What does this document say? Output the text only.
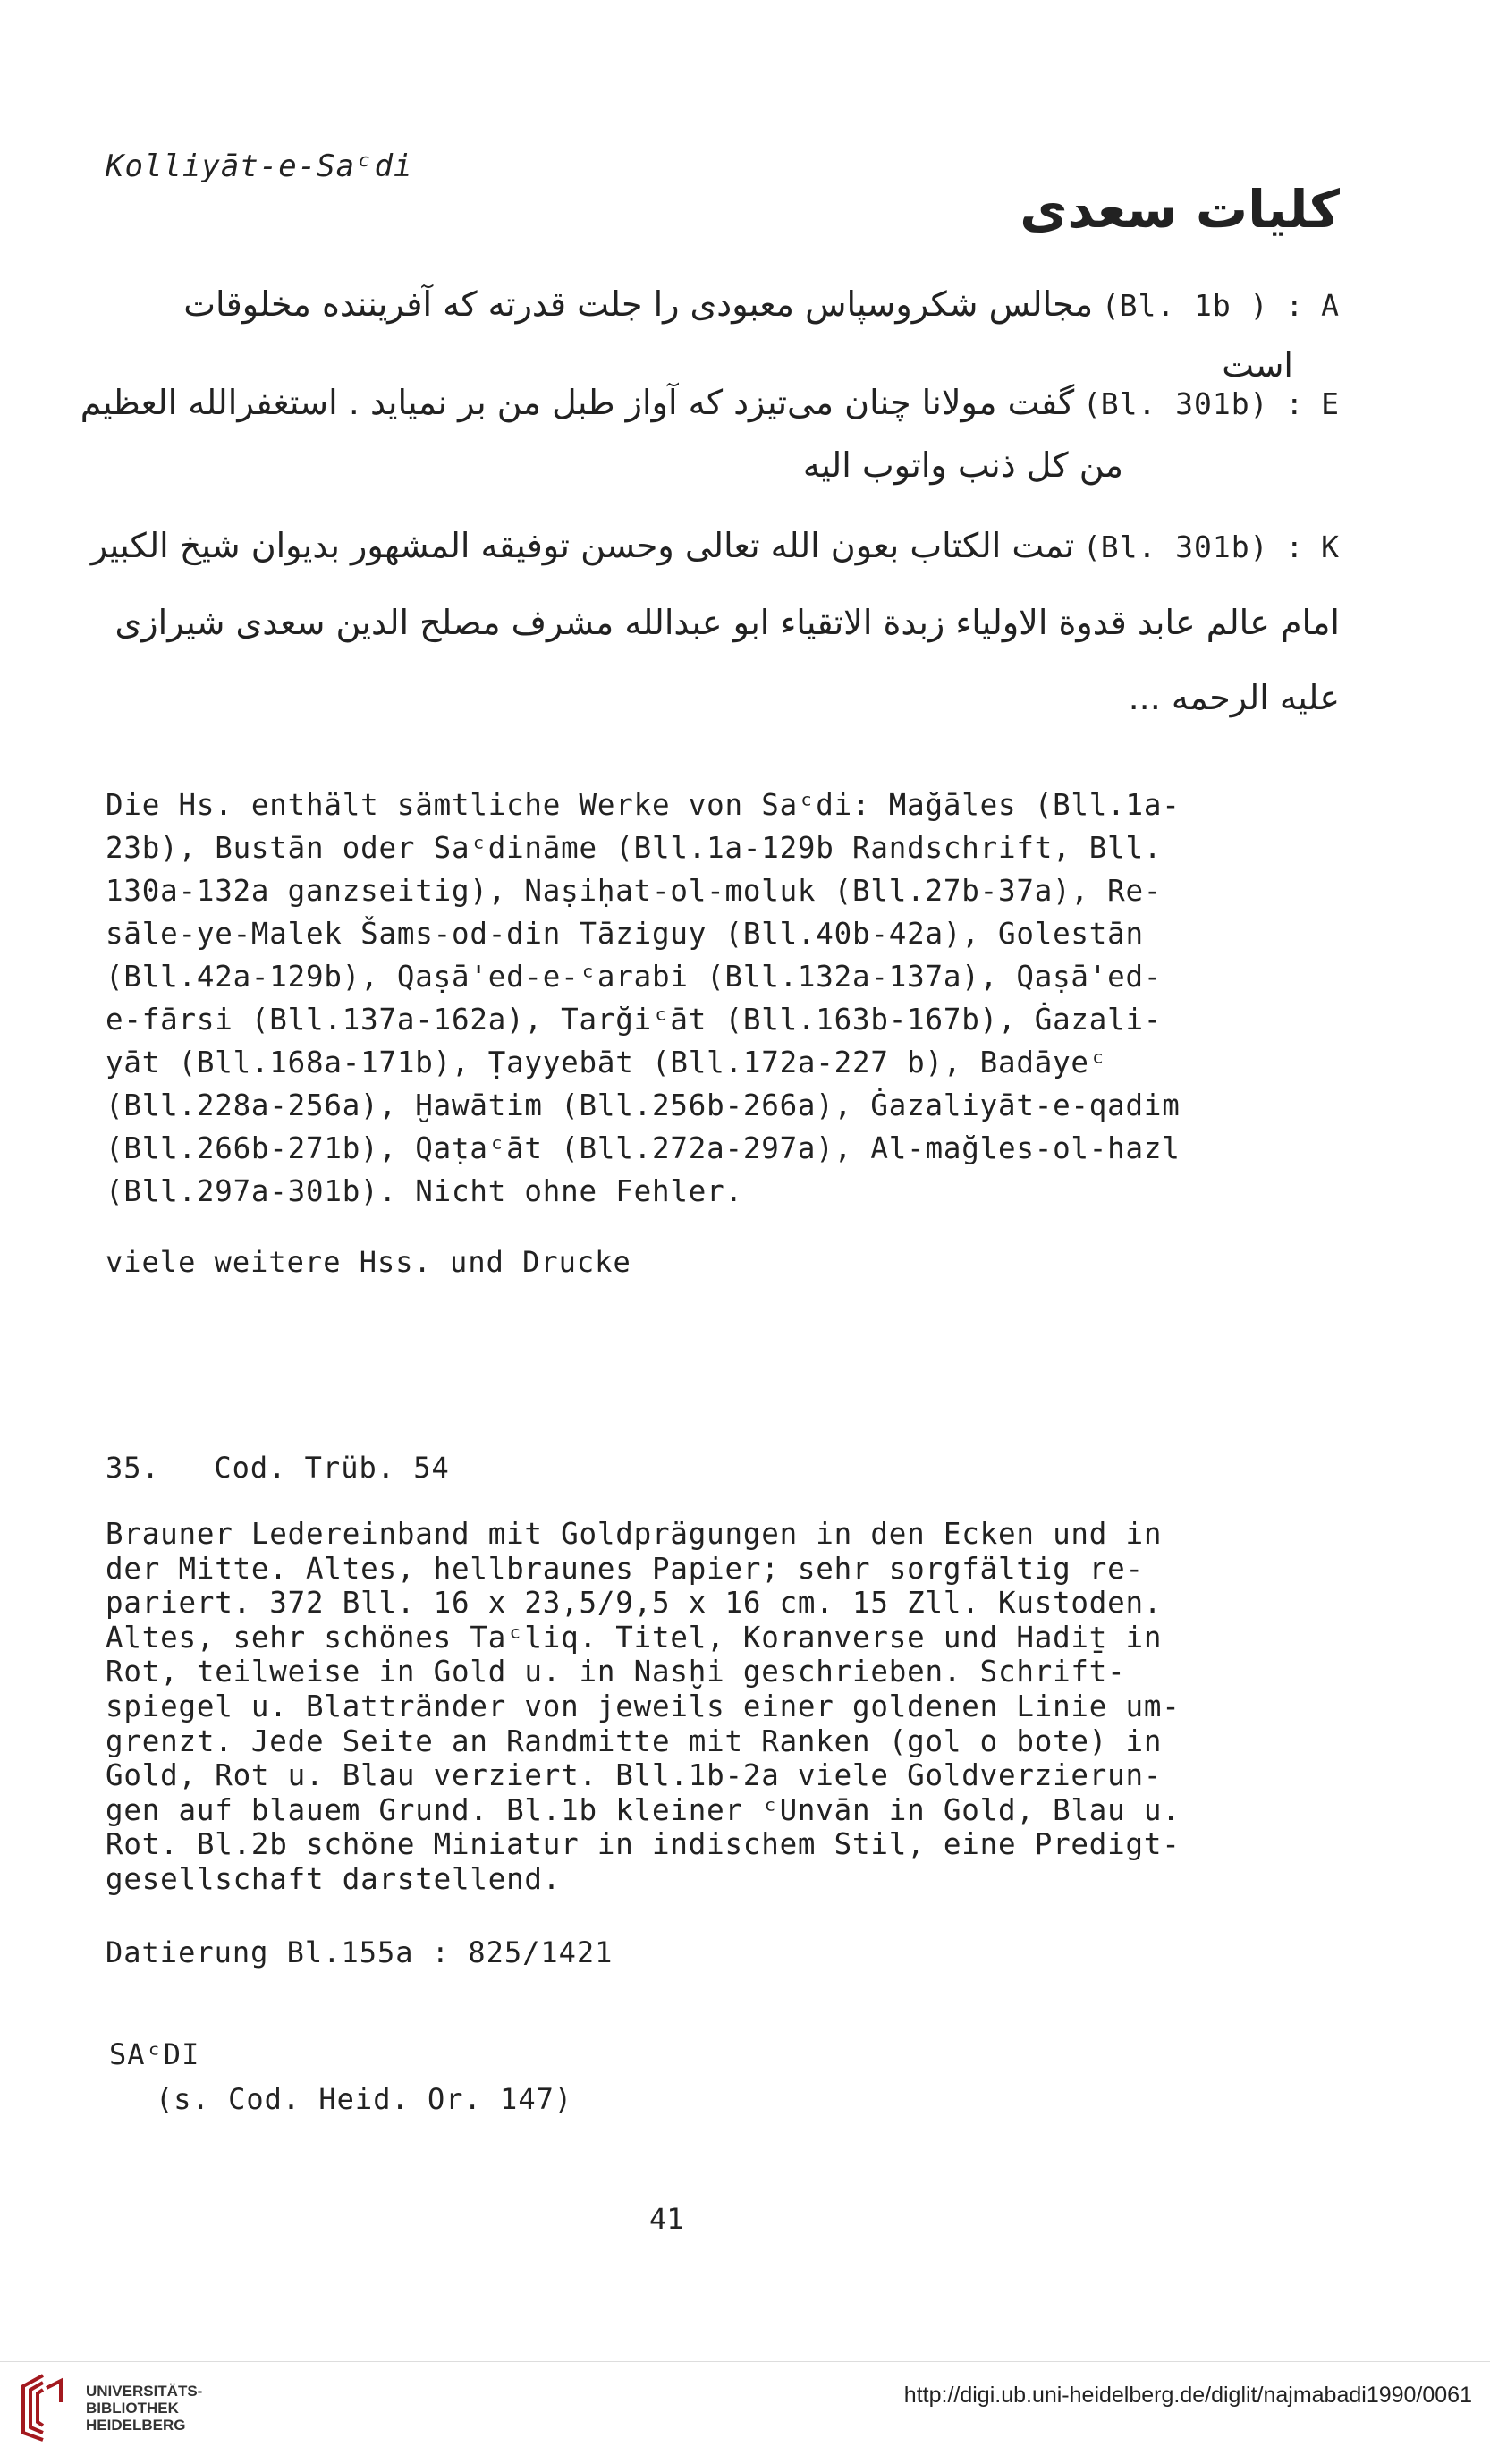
Kolliyāt-e-Saᶜdi
کلیات سعدی
مجالس شکروسپاس معبودی را جلت قدرته که آفریننده مخلوقات (Bl. 1b ) : A
است
گفت مولانا چنان می‌تیزد که آواز طبل من بر نمیاید . استغفرالله العظیم (Bl. 301b) : E
من کل ذنب واتوب الیه
تمت الکتاب بعون الله تعالی وحسن توفیقه المشهور بدیوان شیخ الکبیر (Bl. 301b) : K
امام عالم عابد قدوة الاولیاء زبدة الاتقیاء ابو عبدالله مشرف مصلح الدین سعدی شیرازی
علیه الرحمه ...
Die Hs. enthält sämtliche Werke von Saᶜdi: Mağāles (Bll.1a-
23b), Bustān oder Saᶜdināme (Bll.1a-129b Randschrift, Bll.
130a-132a ganzseitig), Naṣiḥat-ol-moluk (Bll.27b-37a), Re-
sāle-ye-Malek Šams-od-din Tāziguy (Bll.40b-42a), Golestān
(Bll.42a-129b), Qaṣā'ed-e-ᶜarabi (Bll.132a-137a), Qaṣā'ed-
e-fārsi (Bll.137a-162a), Tarğiᶜāt (Bll.163b-167b), Ġazali-
yāt (Bll.168a-171b), Ṭayyebāt (Bll.172a-227 b), Badāyeᶜ
(Bll.228a-256a), Ḫawātim (Bll.256b-266a), Ġazaliyāt-e-qadim
(Bll.266b-271b), Qaṭaᶜāt (Bll.272a-297a), Al-mağles-ol-hazl
(Bll.297a-301b). Nicht ohne Fehler.
viele weitere Hss. und Drucke
35. Cod. Trüb. 54
Brauner Ledereinband mit Goldprägungen in den Ecken und in
der Mitte. Altes, hellbraunes Papier; sehr sorgfältig re-
pariert. 372 Bll. 16 x 23,5/9,5 x 16 cm. 15 Zll. Kustoden.
Altes, sehr schönes Taᶜliq. Titel, Koranverse und Hadiṯ in
Rot, teilweise in Gold u. in Nasḫi geschrieben. Schrift-
spiegel u. Blattränder von jeweils einer goldenen Linie um-
grenzt. Jede Seite an Randmitte mit Ranken (gol o bote) in
Gold, Rot u. Blau verziert. Bll.1b-2a viele Goldverzierun-
gen auf blauem Grund. Bl.1b kleiner ᶜUnvān in Gold, Blau u.
Rot. Bl.2b schöne Miniatur in indischem Stil, eine Predigt-
gesellschaft darstellend.
Datierung Bl.155a : 825/1421
SAᶜDI
(s. Cod. Heid. Or. 147)
41
UNIVERSITÄTS-
BIBLIOTHEK
HEIDELBERG
http://digi.ub.uni-heidelberg.de/diglit/najmabadi1990/0061
